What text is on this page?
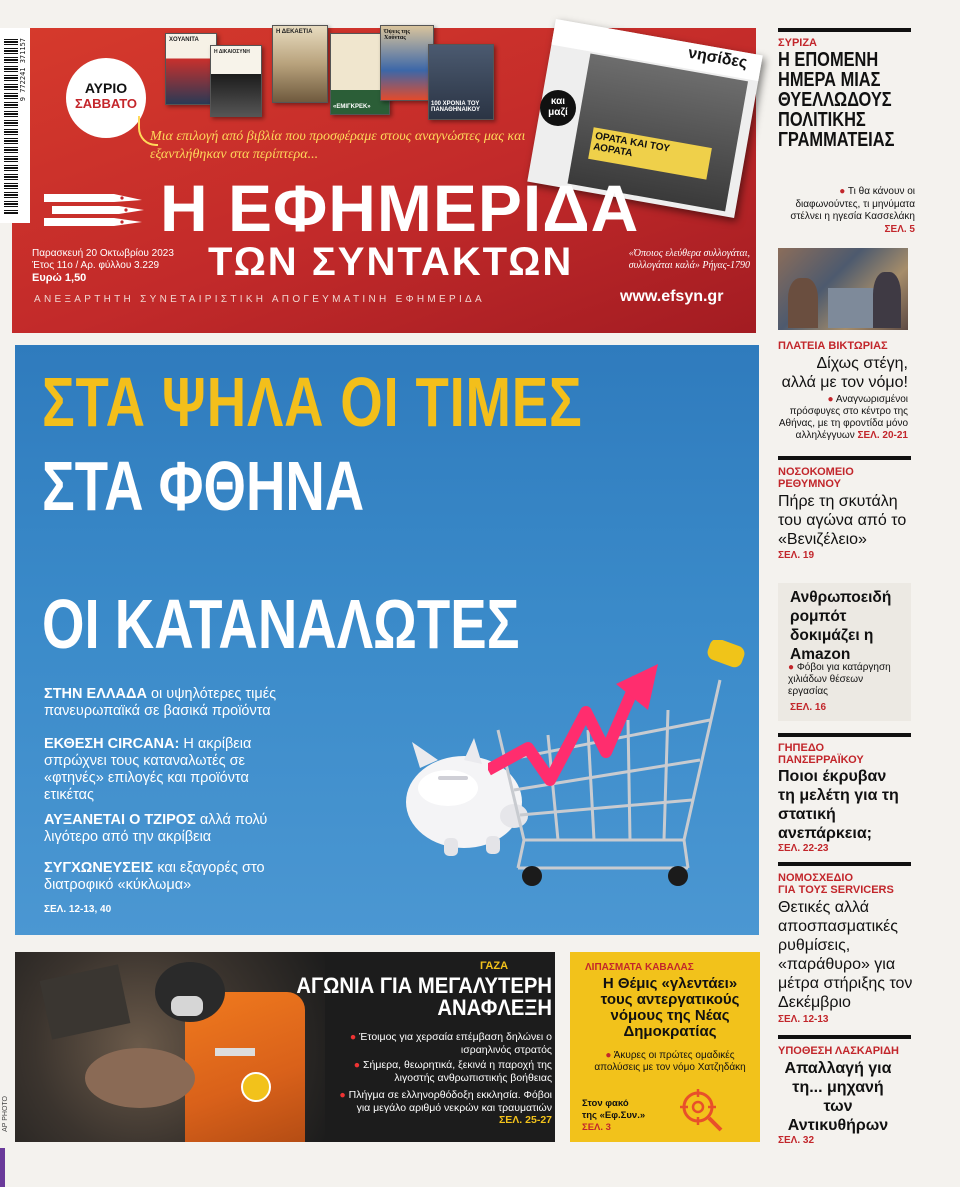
9 772241 371157	ΑΥΡΙΟ
ΣΑΒΒΑΤΟ
ΧΟΥΑΝΙΤΑ
Η ΔΙΚΑΙΟΣΥΝΗ
Η ΔΕΚΑΕΤΙΑ
«ΕΜΙΓΚΡΕΚ»
Όψεις της Χούντας
100 ΧΡΟΝΙΑ ΤΟΥ ΠΑΝΑΘΗΝΑΙΚΟΥ
Μια επιλογή από βιβλία που προσφέραμε στους αναγνώστες μας και εξαντλήθηκαν στα περίπτερα...
νησίδες
ΟΡΑΤΑ ΚΑΙ ΤΟΥ ΑΟΡΑΤΑ
και μαζί
Η ΕΦΗΜΕΡΙΔΑ
ΤΩΝ ΣΥΝΤΑΚΤΩΝ
Παρασκευή 20 Οκτωβρίου 2023
Έτος 11ο / Αρ. φύλλου 3.229
Ευρώ 1,50
«Όποιος ελεύθερα συλλογάται, συλλογάται καλά» Ρήγας-1790
ΑΝΕΞΑΡΤΗΤΗ ΣΥΝΕΤΑΙΡΙΣΤΙΚΗ ΑΠΟΓΕΥΜΑΤΙΝΗ ΕΦΗΜΕΡΙΔΑ	www.efsyn.gr
ΣΤΑ ΨΗΛΑ ΟΙ ΤΙΜΕΣ
ΣΤΑ ΦΘΗΝΑ
ΟΙ ΚΑΤΑΝΑΛΩΤΕΣ
ΣΤΗΝ ΕΛΛΑΔΑ οι υψηλότερες τιμές πανευρωπαϊκά σε βασικά προϊόντα
ΕΚΘΕΣΗ CIRCANA: Η ακρίβεια σπρώχνει τους καταναλωτές σε «φτηνές» επιλογές και προϊόντα ετικέτας
ΑΥΞΑΝΕΤΑΙ Ο ΤΖΙΡΟΣ αλλά πολύ λιγότερο από την ακρίβεια
ΣΥΓΧΩΝΕΥΣΕΙΣ και εξαγορές στο διατροφικό «κύκλωμα»
ΣΕΛ. 12-13, 40
ΓΑΖΑ
ΑΓΩΝΙΑ ΓΙΑ ΜΕΓΑΛΥΤΕΡΗ ΑΝΑΦΛΕΞΗ
● Έτοιμος για χερσαία επέμβαση δηλώνει ο ισραηλινός στρατός
● Σήμερα, θεωρητικά, ξεκινά η παροχή της λιγοστής ανθρωπιστικής βοήθειας
● Πλήγμα σε ελληνορθόδοξη εκκλησία. Φόβοι για μεγάλο αριθμό νεκρών και τραυματιών ΣΕΛ. 25-27
AP PHOTO
ΛΙΠΑΣΜΑΤΑ ΚΑΒΑΛΑΣ
Η Θέμις «γλεντάει» τους αντεργατικούς νόμους της Νέας Δημοκρατίας
● Άκυρες οι πρώτες ομαδικές απολύσεις με τον νόμο Χατζηδάκη
Στον φακό
της «Εφ.Συν.»
ΣΕΛ. 3
ΣΥΡΙΖΑ
Η ΕΠΟΜΕΝΗ
ΗΜΕΡΑ ΜΙΑΣ
ΘΥΕΛΛΩΔΟΥΣ
ΠΟΛΙΤΙΚΗΣ
ΓΡΑΜΜΑΤΕΙΑΣ
● Τι θα κάνουν οι διαφωνούντες, τι μηνύματα στέλνει η ηγεσία Κασσελάκη ΣΕΛ. 5
ΠΛΑΤΕΙΑ ΒΙΚΤΩΡΙΑΣ
Δίχως στέγη, αλλά με τον νόμο!
● Αναγνωρισμένοι πρόσφυγες στο κέντρο της Αθήνας, με τη φροντίδα μόνο αλληλέγγυων ΣΕΛ. 20-21
ΝΟΣΟΚΟΜΕΙΟ
ΡΕΘΥΜΝΟΥ
Πήρε τη σκυτάλη του αγώνα από το «Βενιζέλειο»
ΣΕΛ. 19
Ανθρωποειδή ρομπότ δοκιμάζει η Amazon
● Φόβοι για κατάργηση χιλιάδων θέσεων εργασίας
ΣΕΛ. 16
ΓΗΠΕΔΟ
ΠΑΝΣΕΡΡΑΪΚΟΥ
Ποιοι έκρυβαν τη μελέτη για τη στατική ανεπάρκεια;
ΣΕΛ. 22-23
ΝΟΜΟΣΧΕΔΙΟ
ΓΙΑ ΤΟΥΣ SERVICERS
Θετικές αλλά αποσπασματικές ρυθμίσεις, «παράθυρο» για μέτρα στήριξης τον Δεκέμβριο
ΣΕΛ. 12-13
ΥΠΟΘΕΣΗ ΛΑΣΚΑΡΙΔΗ
Απαλλαγή για τη... μηχανή των Αντικυθήρων
ΣΕΛ. 32
